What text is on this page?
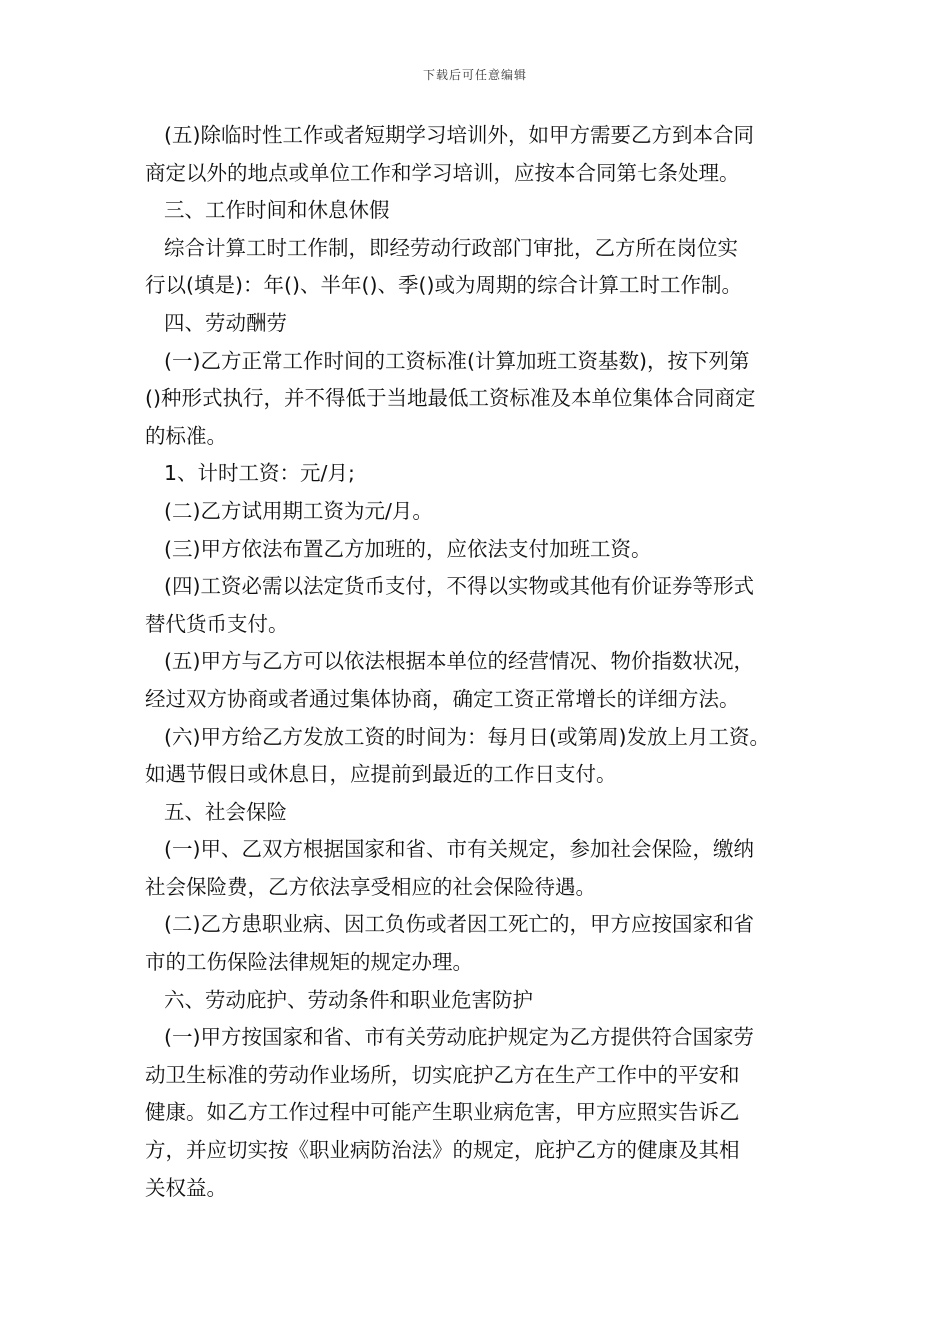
下载后可任意编辑
(五)除临时性工作或者短期学习培训外，如甲方需要乙方到本合同
商定以外的地点或单位工作和学习培训，应按本合同第七条处理。
三、工作时间和休息休假
综合计算工时工作制，即经劳动行政部门审批，乙方所在岗位实
行以(填是)：年()、半年()、季()或为周期的综合计算工时工作制。
四、劳动酬劳
(一)乙方正常工作时间的工资标准(计算加班工资基数)，按下列第
()种形式执行，并不得低于当地最低工资标准及本单位集体合同商定
的标准。
1、计时工资：元/月;
(二)乙方试用期工资为元/月。
(三)甲方依法布置乙方加班的，应依法支付加班工资。
(四)工资必需以法定货币支付，不得以实物或其他有价证券等形式
替代货币支付。
(五)甲方与乙方可以依法根据本单位的经营情况、物价指数状况，
经过双方协商或者通过集体协商，确定工资正常增长的详细方法。
(六)甲方给乙方发放工资的时间为：每月日(或第周)发放上月工资。
如遇节假日或休息日，应提前到最近的工作日支付。
五、社会保险
(一)甲、乙双方根据国家和省、市有关规定，参加社会保险，缴纳
社会保险费，乙方依法享受相应的社会保险待遇。
(二)乙方患职业病、因工负伤或者因工死亡的，甲方应按国家和省
市的工伤保险法律规矩的规定办理。
六、劳动庇护、劳动条件和职业危害防护
(一)甲方按国家和省、市有关劳动庇护规定为乙方提供符合国家劳
动卫生标准的劳动作业场所，切实庇护乙方在生产工作中的平安和
健康。如乙方工作过程中可能产生职业病危害，甲方应照实告诉乙
方，并应切实按《职业病防治法》的规定，庇护乙方的健康及其相
关权益。
